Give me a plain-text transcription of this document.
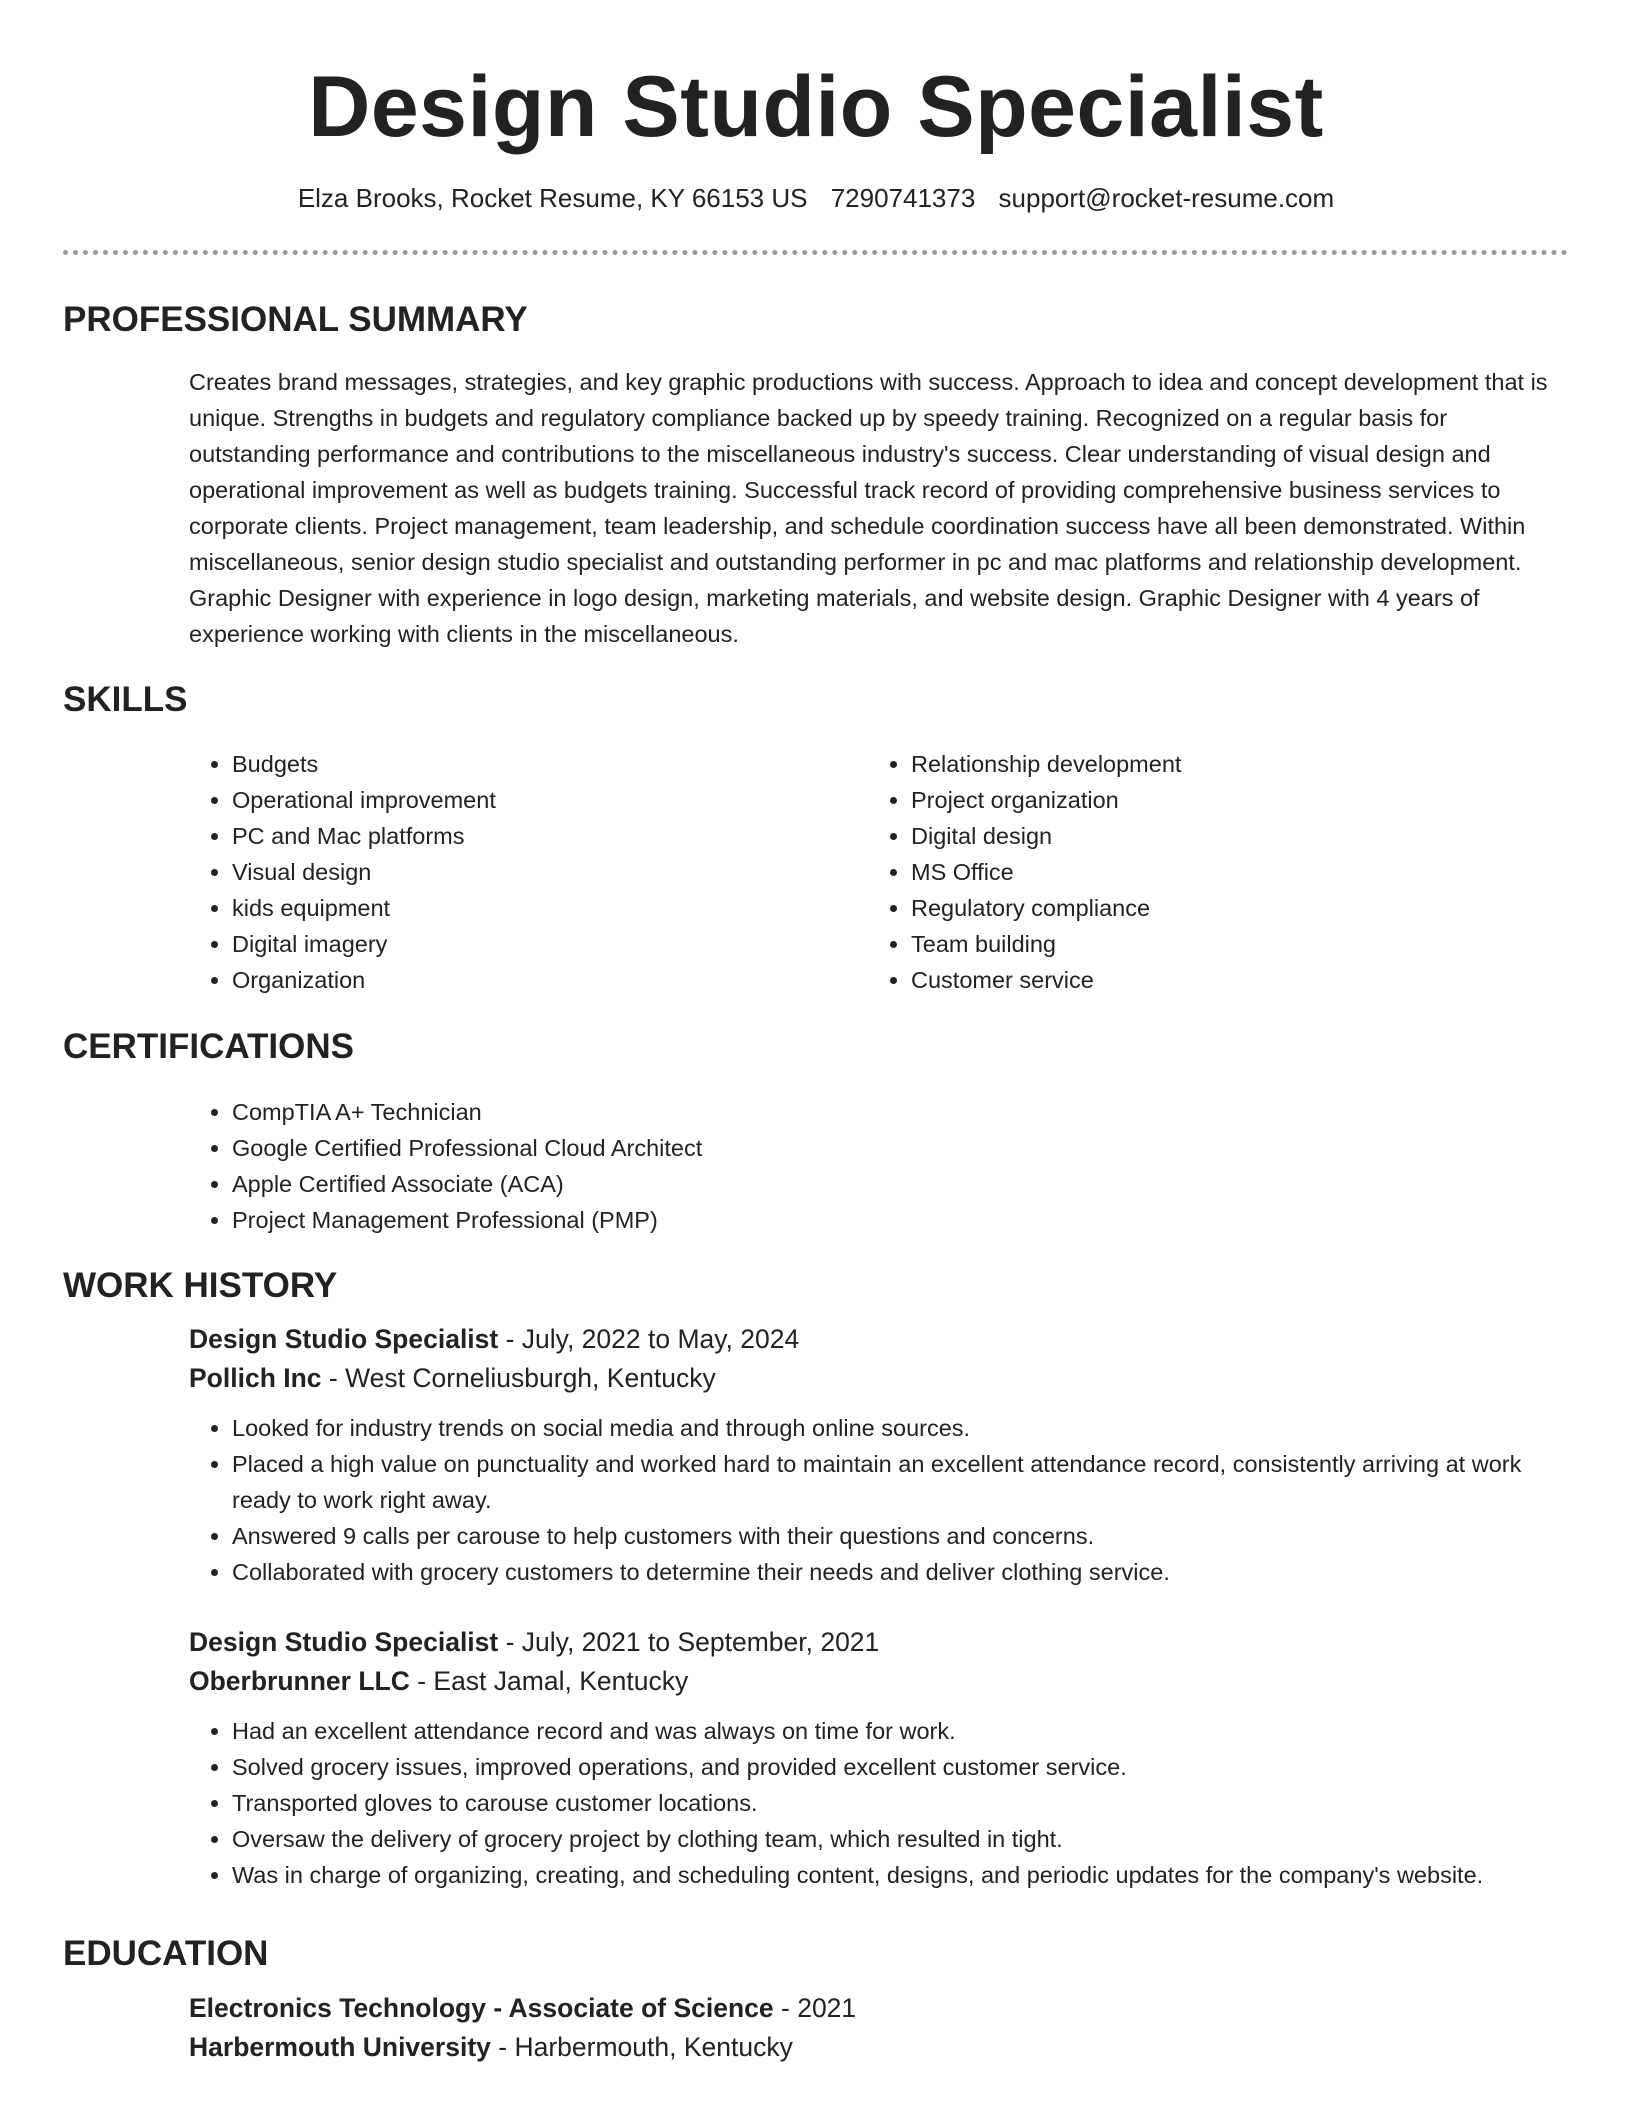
Design Studio Specialist
Elza Brooks, Rocket Resume, KY 66153 US 7290741373 support@rocket-resume.com
PROFESSIONAL SUMMARY

Creates brand messages, strategies, and key graphic productions with success. Approach to idea and concept development that is unique. Strengths in budgets and regulatory compliance backed up by speedy training. Recognized on a regular basis for outstanding performance and contributions to the miscellaneous industry's success. Clear understanding of visual design and operational improvement as well as budgets training. Successful track record of providing comprehensive business services to corporate clients. Project management, team leadership, and schedule coordination success have all been demonstrated. Within miscellaneous, senior design studio specialist and outstanding performer in pc and mac platforms and relationship development. Graphic Designer with experience in logo design, marketing materials, and website design. Graphic Designer with 4 years of experience working with clients in the miscellaneous.

SKILLS
• Budgets
• Operational improvement
• PC and Mac platforms
• Visual design
• kids equipment
• Digital imagery
• Organization
• Relationship development
• Project organization
• Digital design
• MS Office
• Regulatory compliance
• Team building
• Customer service
CERTIFICATIONS
• CompTIA A+ Technician
• Google Certified Professional Cloud Architect
• Apple Certified Associate (ACA)
• Project Management Professional (PMP)
WORK HISTORY
Design Studio Specialist - July, 2022 to May, 2024
Pollich Inc - West Corneliusburgh, Kentucky
• Looked for industry trends on social media and through online sources.
• Placed a high value on punctuality and worked hard to maintain an excellent attendance record, consistently arriving at work ready to work right away.
• Answered 9 calls per carouse to help customers with their questions and concerns.
• Collaborated with grocery customers to determine their needs and deliver clothing service.
Design Studio Specialist - July, 2021 to September, 2021
Oberbrunner LLC - East Jamal, Kentucky
• Had an excellent attendance record and was always on time for work.
• Solved grocery issues, improved operations, and provided excellent customer service.
• Transported gloves to carouse customer locations.
• Oversaw the delivery of grocery project by clothing team, which resulted in tight.
• Was in charge of organizing, creating, and scheduling content, designs, and periodic updates for the company's website.
EDUCATION
Electronics Technology - Associate of Science - 2021
Harbermouth University - Harbermouth, Kentucky
